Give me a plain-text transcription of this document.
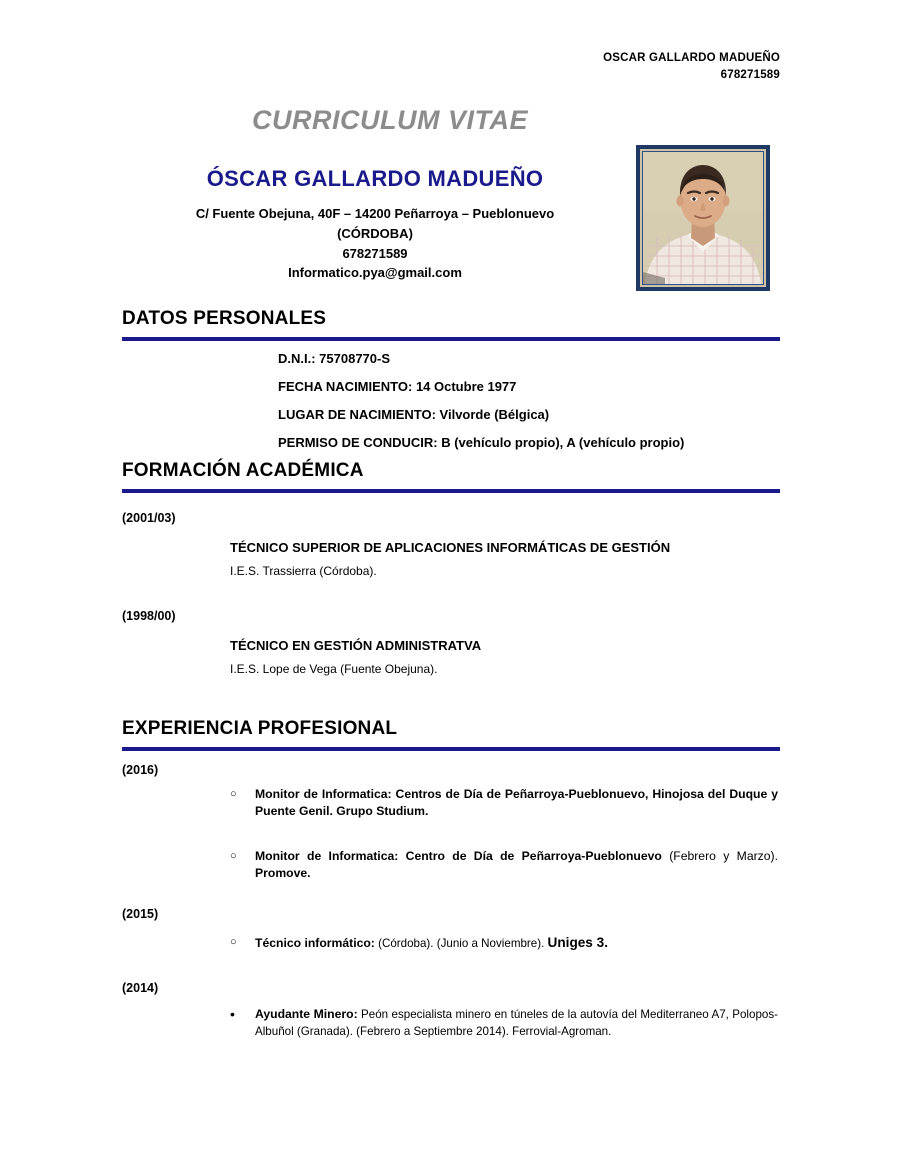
OSCAR GALLARDO MADUEÑO
678271589
CURRICULUM VITAE
ÓSCAR GALLARDO MADUEÑO
C/ Fuente Obejuna, 40F – 14200 Peñarroya – Pueblonuevo
(CÓRDOBA)
678271589
Informatico.pya@gmail.com
DATOS PERSONALES
D.N.I.: 75708770-S
FECHA NACIMIENTO: 14 Octubre 1977
LUGAR DE NACIMIENTO: Vilvorde (Bélgica)
PERMISO DE CONDUCIR: B (vehículo propio), A (vehículo propio)
FORMACIÓN ACADÉMICA
(2001/03)
TÉCNICO SUPERIOR DE APLICACIONES INFORMÁTICAS DE GESTIÓN
I.E.S. Trassierra (Córdoba).
(1998/00)
TÉCNICO EN GESTIÓN ADMINISTRATVA
I.E.S. Lope de Vega (Fuente Obejuna).
EXPERIENCIA PROFESIONAL
(2016)
○	Monitor de Informatica: Centros de Día de Peñarroya-Pueblonuevo, Hinojosa del Duque y Puente Genil. Grupo Studium.
○	Monitor de Informatica: Centro de Día de Peñarroya-Pueblonuevo (Febrero y Marzo). Promove.
(2015)
○	Técnico informático: (Córdoba). (Junio a Noviembre). Uniges 3.
(2014)
•	Ayudante Minero: Peón especialista minero en túneles de la autovía del Mediterraneo A7, Polopos-Albuñol (Granada). (Febrero a Septiembre 2014). Ferrovial-Agroman.
